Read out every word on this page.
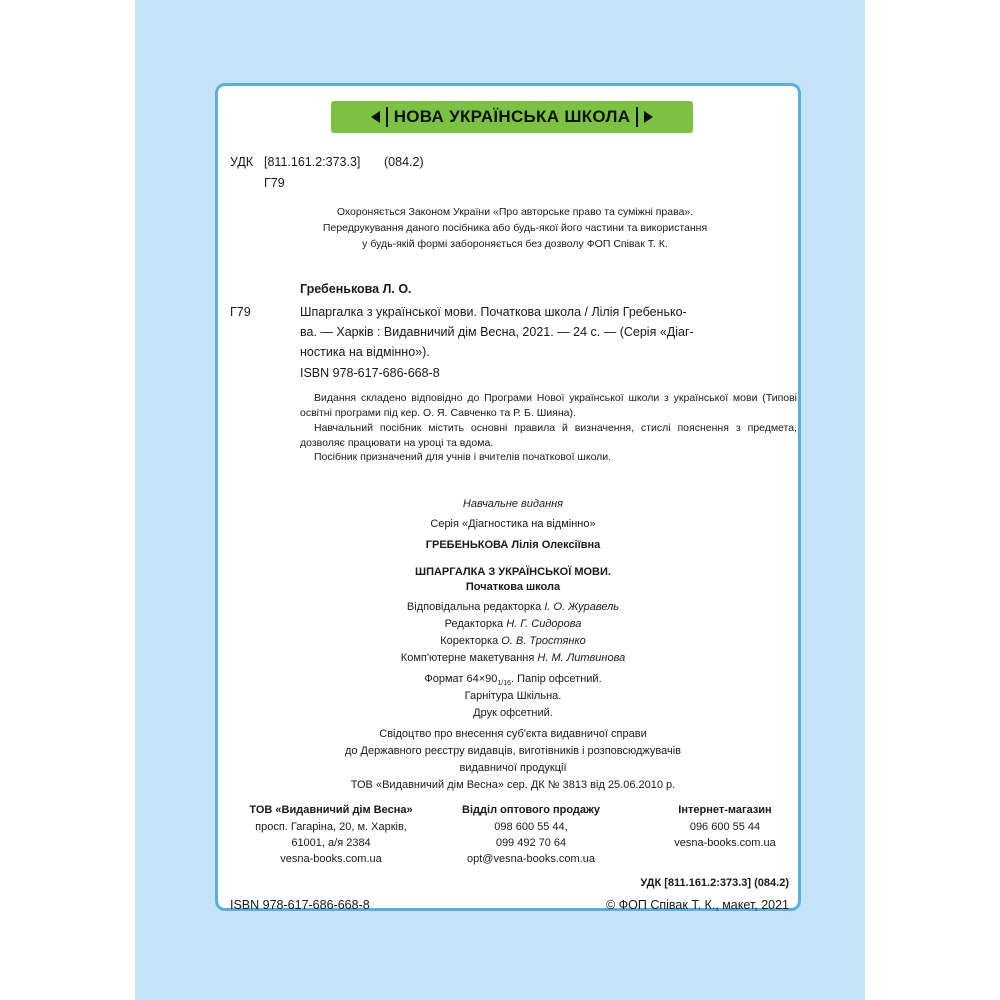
НОВА УКРАЇНСЬКА ШКОЛА
УДК [811.161.2:373.3] (084.2)
Г79
Охороняється Законом України «Про авторське право та суміжні права».
Передрукування даного посібника або будь-якої його частини та використання
у будь-якій формі забороняється без дозволу ФОП Співак Т. К.
Гребенькова Л. О.
Г79	Шпаргалка з української мови. Початкова школа / Лілія Гребенько-
ва. — Харків : Видавничий дім Весна, 2021. — 24 с. — (Серія «Діаг-
ностика на відмінно»).
ISBN 978-617-686-668-8
Видання складено відповідно до Програми Нової української школи з української мови (Типові освітні програми під кер. О. Я. Савченко та Р. Б. Шияна).
Навчальний посібник містить основні правила й визначення, стислі пояснення з предмета, дозволяє працювати на уроці та вдома.
Посібник призначений для учнів і вчителів початкової школи.
Навчальне видання
Серія «Діагностика на відмінно»
ГРЕБЕНЬКОВА Лілія Олексіївна
ШПАРГАЛКА З УКРАЇНСЬКОЇ МОВИ.
Початкова школа
Відповідальна редакторка І. О. Журавель
Редакторка Н. Г. Сидорова
Коректорка О. В. Тростянко
Комп'ютерне макетування Н. М. Литвинова
Формат $64\times 90_{1/16}$. Папір офсетний.
Гарнітура Шкільна.
Друк офсетний.
Свідоцтво про внесення суб'єкта видавничої справи
до Державного реєстру видавців, виготівників і розповсюджувачів
видавничої продукції
ТОВ «Видавничий дім Весна» сер. ДК № 3813 від 25.06.2010 р.
ТОВ «Видавничий дім Весна»
просп. Гагаріна, 20, м. Харків,
61001, а/я 2384
vesna-books.com.ua
Відділ оптового продажу
098 600 55 44,
099 492 70 64
opt@vesna-books.com.ua
Інтернет-магазин
096 600 55 44
vesna-books.com.ua
УДК [811.161.2:373.3] (084.2)
ISBN 978-617-686-668-8	© ФОП Співак Т. К., макет, 2021
